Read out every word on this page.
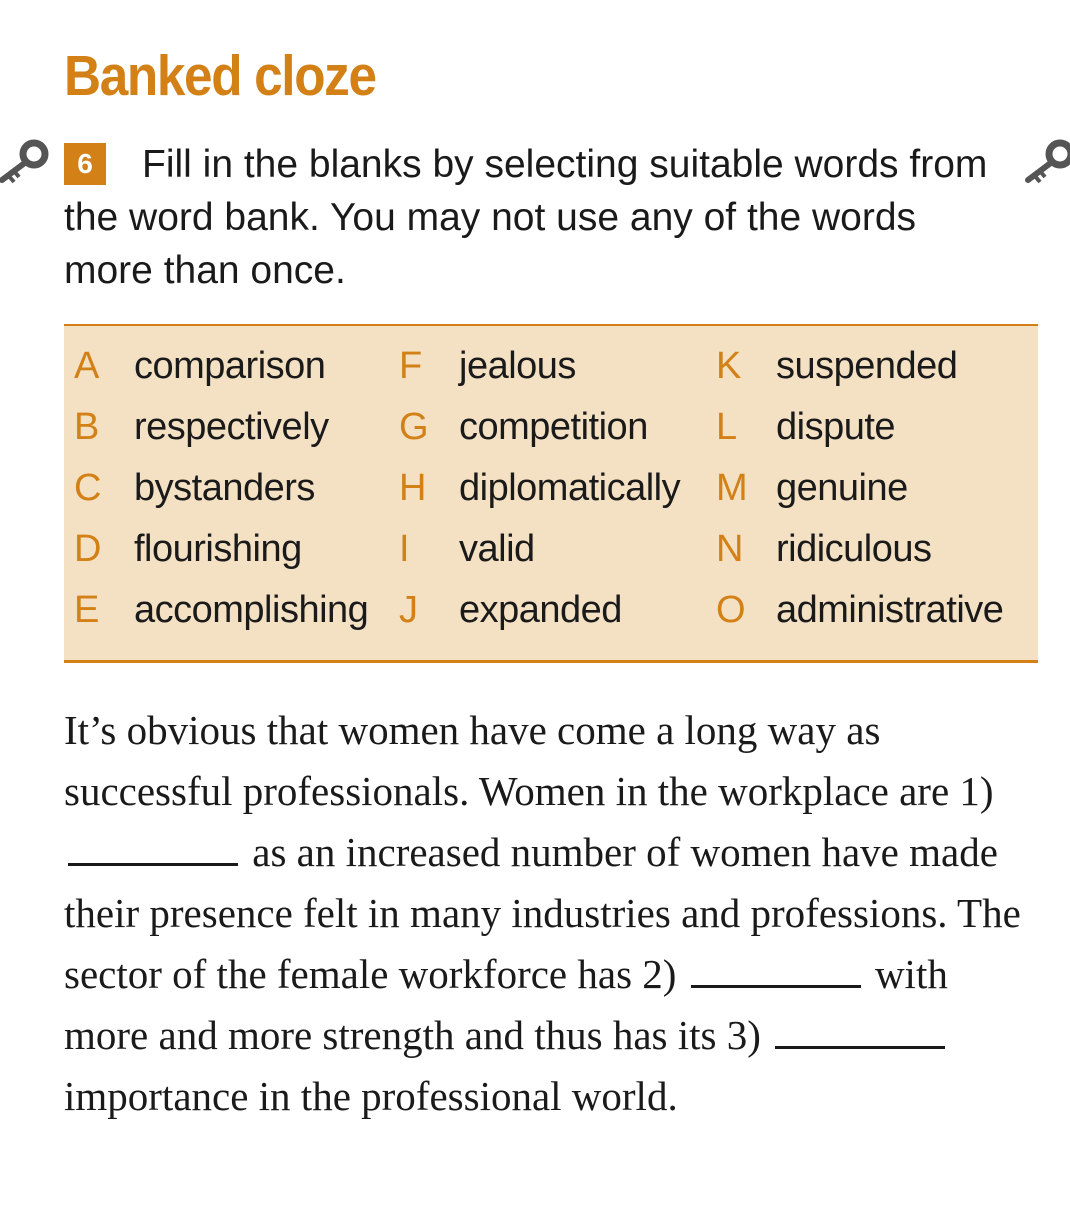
Banked cloze

6 Fill in the blanks by selecting suitable words from the word bank. You may not use any of the words more than once.

A comparison
B respectively
C bystanders
D flourishing
E accomplishing
F jealous
G competition
H diplomatically
I valid
J expanded
K suspended
L dispute
M genuine
N ridiculous
O administrative

It’s obvious that women have come a long way as successful professionals. Women in the workplace are 1)  as an increased number of women have made their presence felt in many industries and professions. The sector of the female workforce has 2)	with more and more strength and thus has its 3)  importance in the professional world.
